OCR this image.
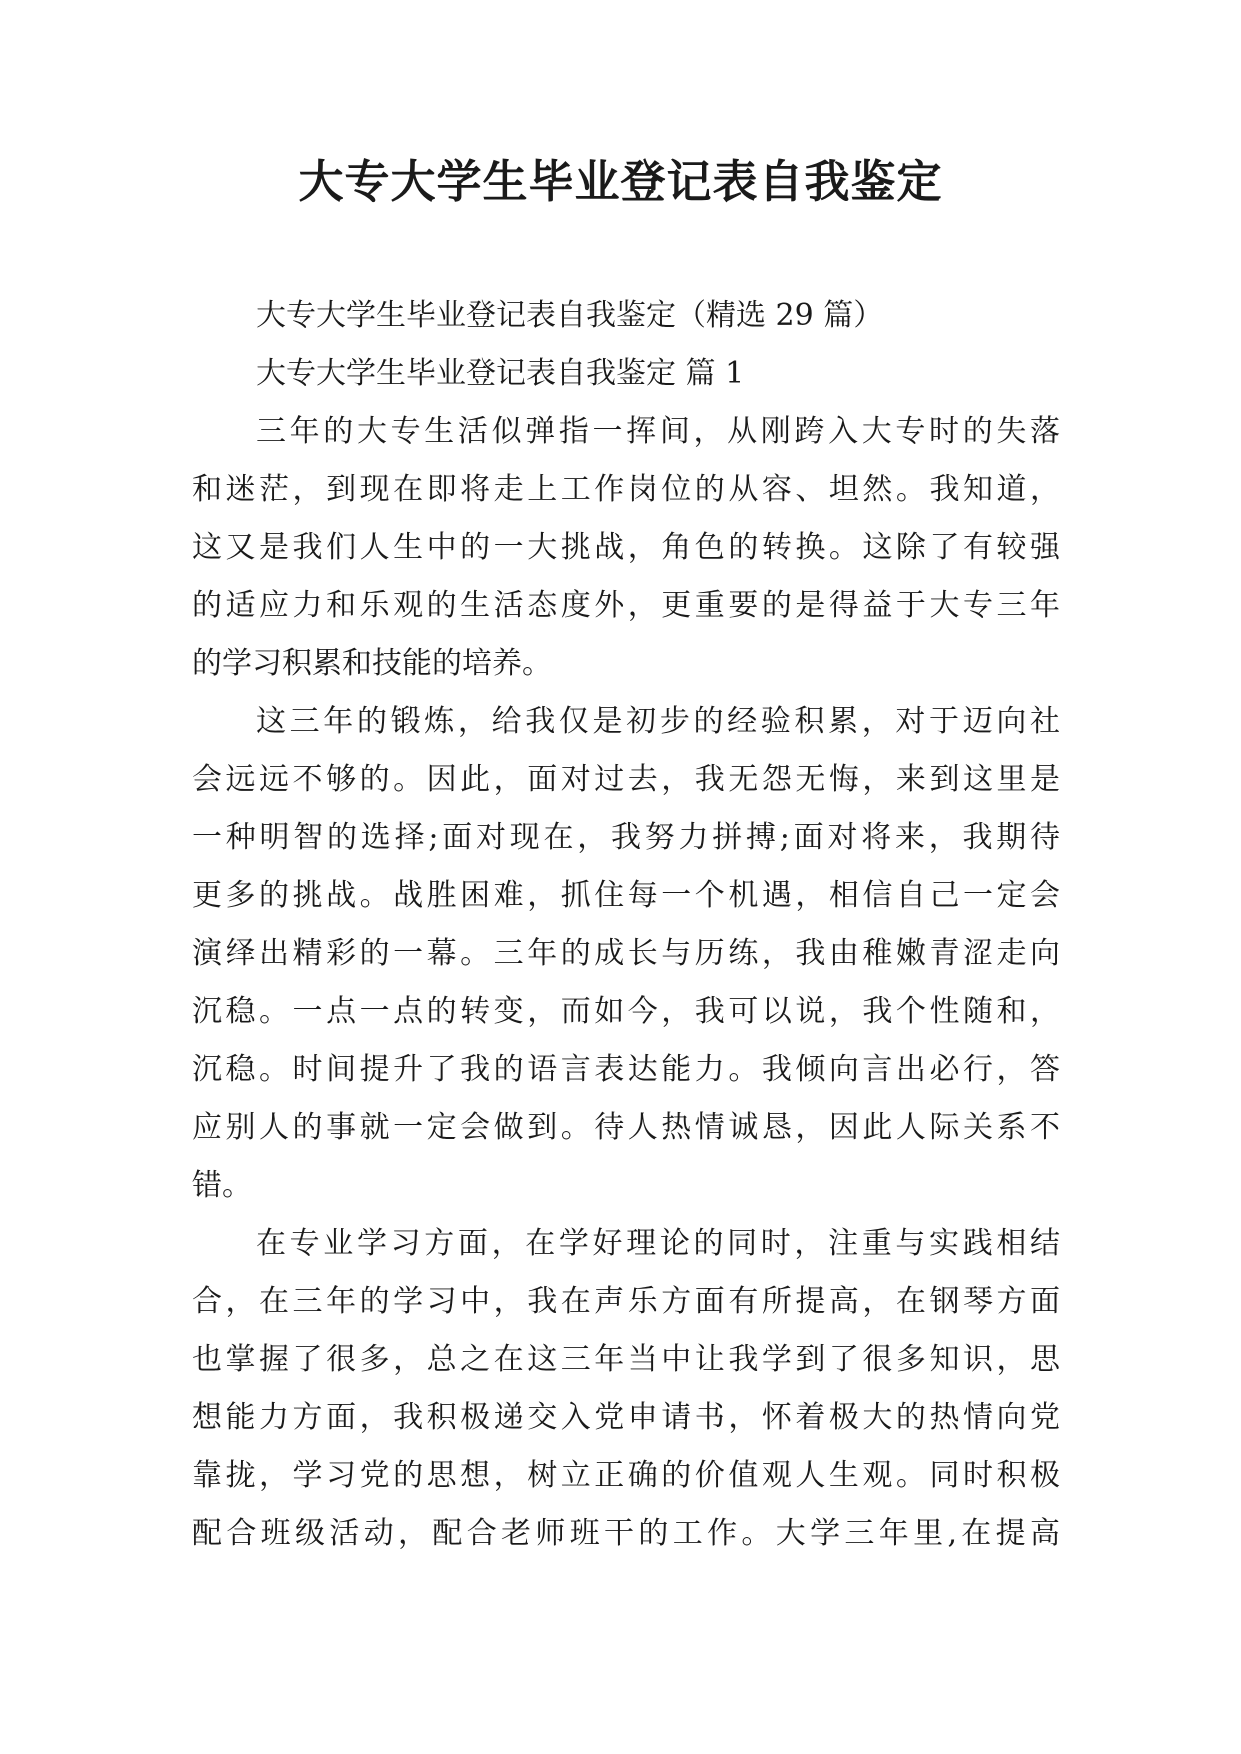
大专大学生毕业登记表自我鉴定
大专大学生毕业登记表自我鉴定（精选 29 篇）
大专大学生毕业登记表自我鉴定 篇 1
三年的大专生活似弹指一挥间，从刚跨入大专时的失落
和迷茫，到现在即将走上工作岗位的从容、坦然。我知道，
这又是我们人生中的一大挑战，角色的转换。这除了有较强
的适应力和乐观的生活态度外，更重要的是得益于大专三年
的学习积累和技能的培养。
这三年的锻炼，给我仅是初步的经验积累，对于迈向社
会远远不够的。因此，面对过去，我无怨无悔，来到这里是
一种明智的选择;面对现在，我努力拼搏;面对将来，我期待
更多的挑战。战胜困难，抓住每一个机遇，相信自己一定会
演绎出精彩的一幕。三年的成长与历练，我由稚嫩青涩走向
沉稳。一点一点的转变，而如今，我可以说，我个性随和，
沉稳。时间提升了我的语言表达能力。我倾向言出必行，答
应别人的事就一定会做到。待人热情诚恳，因此人际关系不
错。
在专业学习方面，在学好理论的同时，注重与实践相结
合，在三年的学习中，我在声乐方面有所提高，在钢琴方面
也掌握了很多，总之在这三年当中让我学到了很多知识，思
想能力方面，我积极递交入党申请书，怀着极大的热情向党
靠拢，学习党的思想，树立正确的价值观人生观。同时积极
配合班级活动，配合老师班干的工作。大学三年里,在提高
